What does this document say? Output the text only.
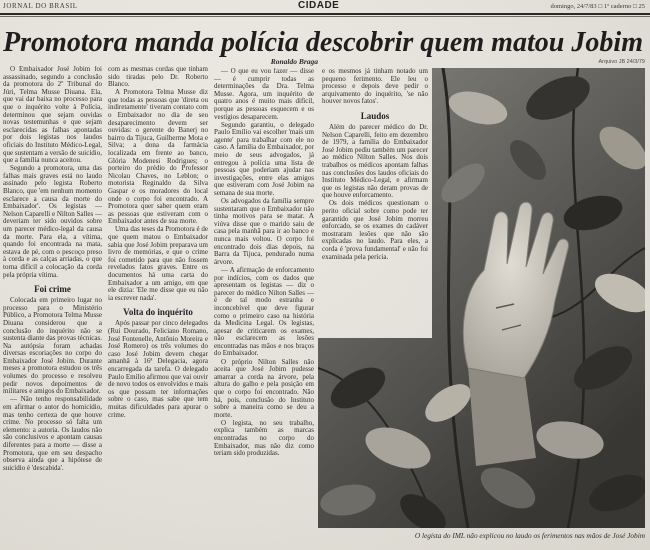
JORNAL DO BRASIL	CIDADE	domingo, 24/7/83 □ 1º caderno □ 25
Promotora manda polícia descobrir quem matou Jobim
Ronaldo Braga	Arquivo JB 24/3/79

O Embaixador José Jobim foi assassinado, segundo a conclusão da promotora do 2º Tribunal do Júri, Telma Musse Diuana. Ela, que vai dar baixa no processo para que o inquérito volte à Polícia, determinou que sejam ouvidas novas testemunhas e que sejam esclarecidas as falhas apontadas por dois legistas nos laudos oficiais do Instituto Médico-Legal, que sustentam a versão de suicídio, que a família nunca aceitou.

Segundo a promotora, uma das falhas mais graves está no laudo assinado pelo legista Roberto Blanco, que 'em nenhum momento esclarece a causa da morte do Embaixador'. Os legistas — Nelson Caparelli e Nilton Salles — deveriam ter sido ouvidos sobre um parecer médico-legal da causa da morte. Para ela, a vítima, quando foi encontrada na mata, estava de pé, com o pescoço preso à corda e as calças arriadas, o que torna difícil a colocação da corda pela própria vítima.

Foi crime

Colocada em primeiro lugar no processo para o Ministério Público, a Promotora Telma Musse Diuana considerou que a conclusão do inquérito não se sustenta diante das provas técnicas. Na autópsia foram achadas diversas escoriações no corpo do Embaixador José Jobim. Durante meses a promotora estudou os três volumes do processo e resolveu pedir novos depoimentos de militares e amigos do Embaixador.

— Não tenho responsabilidade em afirmar o autor do homicídio, mas tenho certeza de que houve crime. No processo só falta um elemento: a autoria. Os laudos não são conclusivos e apontam causas diferentes para a morte — disse a Promotora, que em seu despacho observa ainda que a hipótese de suicídio é 'descabida'.

com as mesmas cordas que tinham sido tiradas pelo Dr. Roberto Blanco.

A Promotora Telma Musse diz que todas as pessoas que 'direta ou indiretamente' tiveram contato com o Embaixador no dia de seu desaparecimento devem ser ouvidas: o gerente do Banerj no bairro da Tijuca, Guilherme Mota e Silva; a dona da farmácia localizada em frente ao banco, Glória Modenesi Rodrigues; o porteiro do prédio do Professor Nicolau Chaves, no Leblon; o motorista Reginaldo da Silva Gaspar e os moradores do local onde o corpo foi encontrado. A Promotora quer saber quem eram as pessoas que estiveram com o Embaixador antes de sua morte.

Uma das teses da Promotora é de que quem matou o Embaixador sabia que José Jobim preparava um livro de memórias, e que o crime foi cometido para que não fossem revelados fatos graves. Entre os documentos há uma carta do Embaixador a um amigo, em que ele dizia: 'Ele me disse que eu não ia escrever nada'.

Volta do inquérito

Após passar por cinco delegados (Rui Dourado, Feliciano Romano, José Fontenelle, Antônio Moreira e José Romero) os três volumes do caso José Jobim devem chegar amanhã à 16ª Delegacia, agora encarregada da tarefa. O delegado Paulo Emílio afirmou que vai ouvir de novo todos os envolvidos e mais os que possam ter informações sobre o caso, mas sabe que tem muitas dificuldades para apurar o crime.

— O que eu vou fazer — disse — é cumprir todas as determinações da Dra. Telma Musse. Agora, um inquérito de quatro anos é muito mais difícil, porque as pessoas esquecem e os vestígios desaparecem.

Segundo garantiu, o delegado Paulo Emílio vai escolher 'mais um agente' para trabalhar com ele no caso. A família do Embaixador, por meio de seus advogados, já entregou à polícia uma lista de pessoas que poderiam ajudar nas investigações, entre elas amigos que estiveram com José Jobim na semana de sua morte.

Os advogados da família sempre sustentaram que o Embaixador não tinha motivos para se matar. A viúva disse que o marido saiu de casa pela manhã para ir ao banco e nunca mais voltou. O corpo foi encontrado dois dias depois, na Barra da Tijuca, pendurado numa árvore.

— A afirmação de enforcamento por indícios, com os dados que apresentam os legistas — diz o parecer do médico Nilton Salles — é de tal modo estranha e inconcebível que deve figurar como o primeiro caso na história da Medicina Legal. Os legistas, apesar de criticarem os exames, não esclarecem as lesões encontradas nas mãos e nos braços do Embaixador.

O próprio Nilton Salles não aceita que José Jobim pudesse amarrar a corda na árvore, pela altura do galho e pela posição em que o corpo foi encontrado. Não há, pois, conclusão do Instituto sobre a maneira como se deu a morte.

O legista, no seu trabalho, explica também as marcas encontradas no corpo do Embaixador, mas não diz como teriam sido produzidas.

e os mesmos já tinham notado um pequeno ferimento. Ele leu o processo e depois deve pedir o arquivamento do inquérito, 'se não houver novos fatos'.

Laudos

Além do parecer médico do Dr. Nelson Caparelli, feito em dezembro de 1979, a família do Embaixador José Jobim pediu também um parecer ao médico Nilton Salles. Nos dois trabalhos os médicos apontam falhas nas conclusões dos laudos oficiais do Instituto Médico-Legal, e afirmam que os legistas não deram provas de que houve enforcamento.

Os dois médicos questionam o perito oficial sobre como pode ter garantido que José Jobim morreu enforcado, se os exames do cadáver mostraram lesões que não são explicadas no laudo. Para eles, a corda é 'prova fundamental' e não foi examinada pela perícia.

O legista do IML não explicou no laudo os ferimentos nas mãos de José Jobim
